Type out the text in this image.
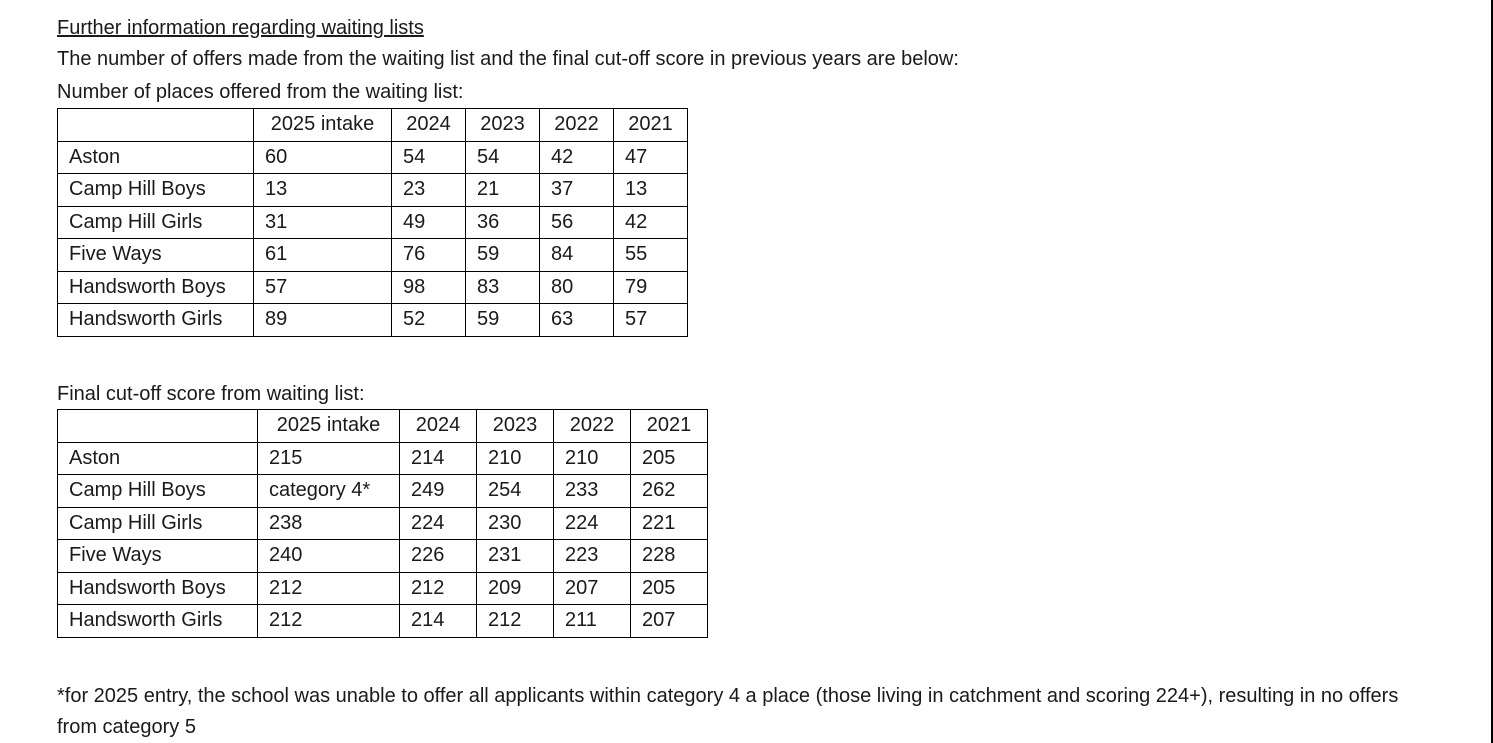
Further information regarding waiting lists
The number of offers made from the waiting list and the final cut-off score in previous years are below:
Number of places offered from the waiting list:
	2025 intake	2024	2023	2022	2021
Aston	60	54	54	42	47
Camp Hill Boys	13	23	21	37	13
Camp Hill Girls	31	49	36	56	42
Five Ways	61	76	59	84	55
Handsworth Boys	57	98	83	80	79
Handsworth Girls	89	52	59	63	57
Final cut-off score from waiting list:
	2025 intake	2024	2023	2022	2021
Aston	215	214	210	210	205
Camp Hill Boys	category 4*	249	254	233	262
Camp Hill Girls	238	224	230	224	221
Five Ways	240	226	231	223	228
Handsworth Boys	212	212	209	207	205
Handsworth Girls	212	214	212	211	207
*for 2025 entry, the school was unable to offer all applicants within category 4 a place (those living in catchment and scoring 224+), resulting in no offers
from category 5
